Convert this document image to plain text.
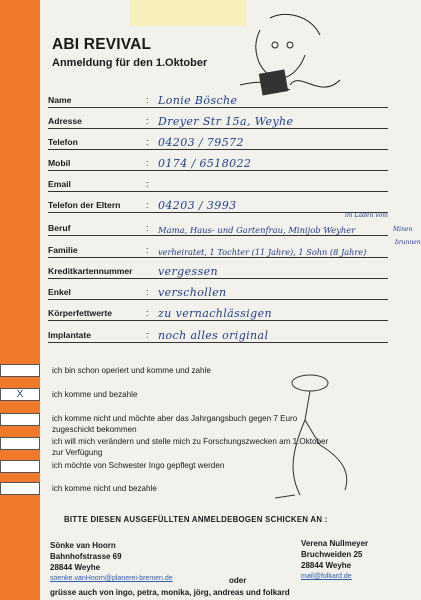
ABI REVIVAL
Anmeldung für den 1.Oktober
Name	: Lonie Bösche
Adresse	: Dreyer Str 15a, Weyhe
Telefon	: 04203 / 79572
Mobil	: 0174 / 6518022
Email	:
Telefon der Eltern	: 04203 / 3993
Beruf	: Mama, Haus- und Gartenfrau, Minijob Weyher
im Laden vom
Minen
brunnen
Familie	: verheiratet, 1 Tochter (11 Jahre), 1 Sohn (8 Jahre)
Kreditkartennummer vergessen
Enkel	: verschollen
Körperfettwerte	: zu vernachlässigen
Implantate	: noch alles original
ich bin schon operiert und komme und zahle
X	ich komme und bezahle
ich komme nicht und möchte aber das Jahrgangsbuch gegen 7 Euro
zugeschickt bekommen
ich will mich verändern und stelle mich zu Forschungszwecken am 1.Oktober
zur Verfügung
ich möchte von Schwester Ingo gepflegt werden
ich komme nicht und bezahle
BITTE DIESEN AUSGEFÜLLTEN ANMELDEBOGEN SCHICKEN AN :
Sönke van Hoorn
Bahnhofstrasse 69
28844 Weyhe
soenke.vanHoorn@planerei-bremen.de	oder
Verena Nullmeyer
Bruchweiden 25
28844 Weyhe
mail@folkard.de
grüsse auch von ingo, petra, monika, jörg, andreas und folkard
